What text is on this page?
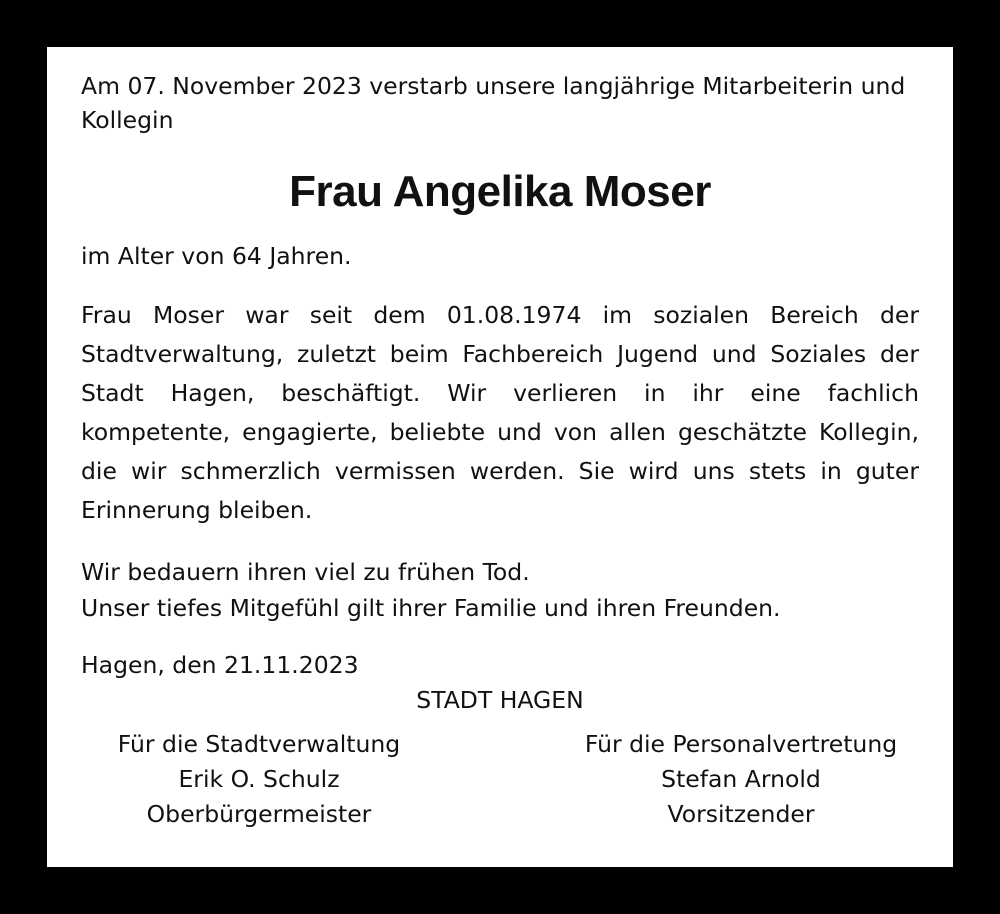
Am 07. November 2023 verstarb unsere langjährige Mitarbeiterin und Kollegin

Frau Angelika Moser

im Alter von 64 Jahren.

Frau Moser war seit dem 01.08.1974 im sozialen Bereich der Stadtverwaltung, zuletzt beim Fachbereich Jugend und Soziales der Stadt Hagen, beschäftigt. Wir verlieren in ihr eine fachlich kompetente, engagierte, beliebte und von allen geschätzte Kollegin, die wir schmerzlich vermissen werden. Sie wird uns stets in guter Erinnerung bleiben.

Wir bedauern ihren viel zu frühen Tod.
Unser tiefes Mitgefühl gilt ihrer Familie und ihren Freunden.

Hagen, den 21.11.2023

STADT HAGEN
Für die Stadtverwaltung
Erik O. Schulz
Oberbürgermeister
Für die Personalvertretung
Stefan Arnold
Vorsitzender
